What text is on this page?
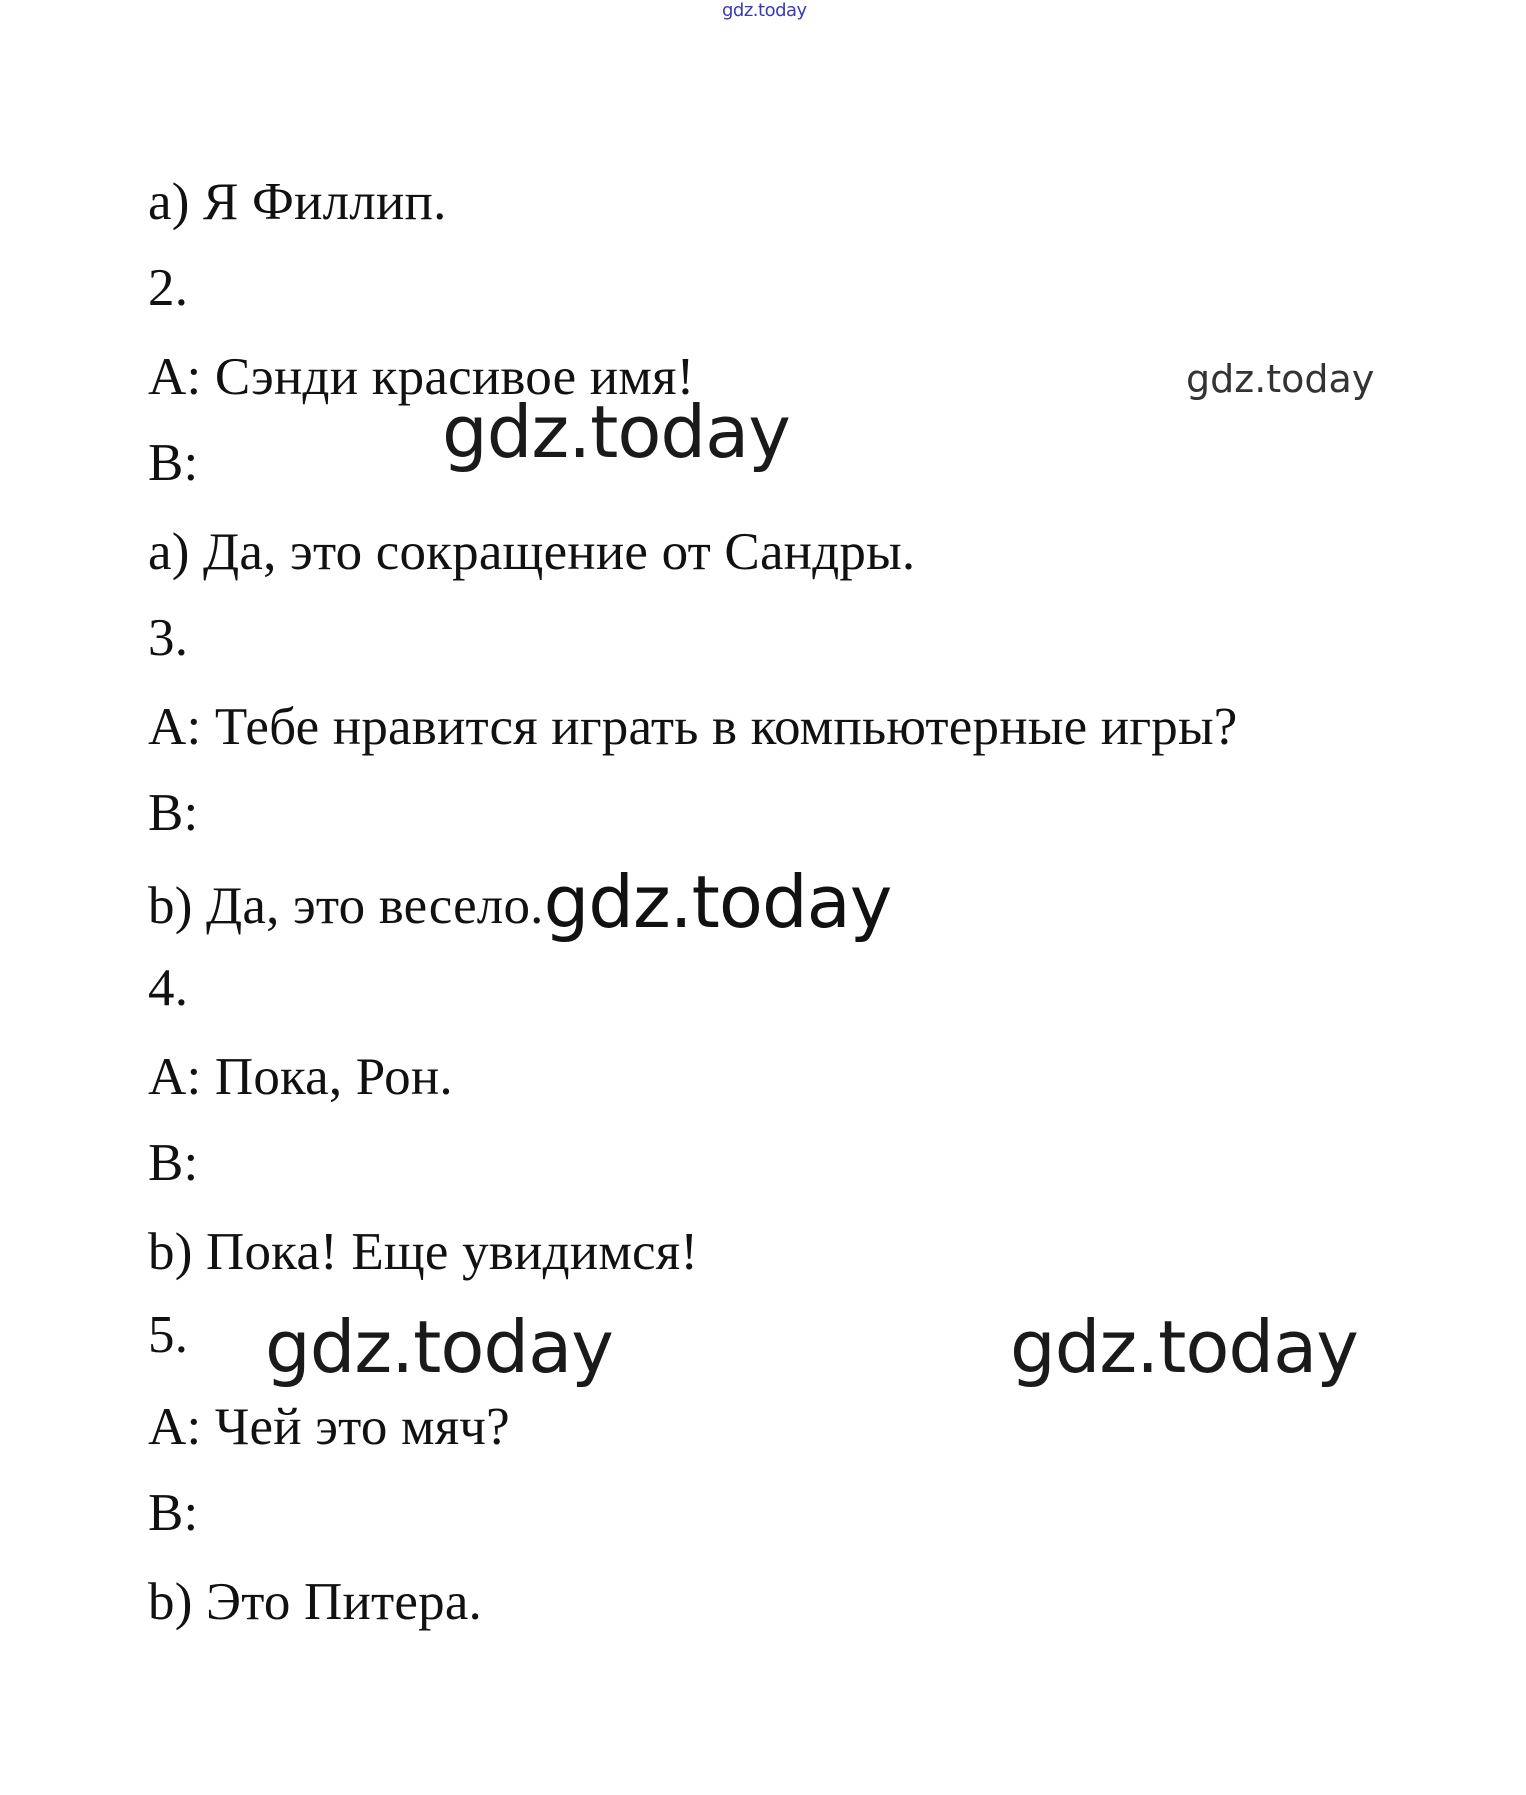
gdz.today
а) Я Филлип.
2.
А: Сэнди красивое имя!
В:
а) Да, это сокращение от Сандры.
3.
А: Тебе нравится играть в компьютерные игры?
В:
b) Да, это весело.gdz.today
4.
А: Пока, Рон.
В:
b) Пока! Еще увидимся!
5.
А: Чей это мяч?
В:
b) Это Питера.
gdz.today
gdz.today
gdz.today	gdz.today
